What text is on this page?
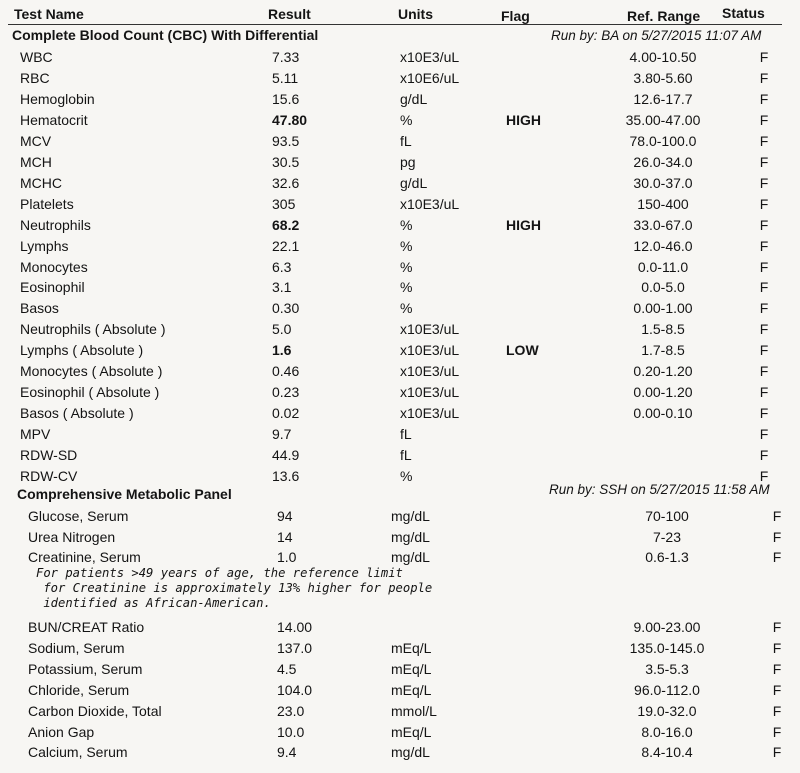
Test Name	Result	Units	Flag	Ref. Range Status
Complete Blood Count (CBC) With Differential	Run by: BA on 5/27/2015 11:07 AM
WBC	7.33	x10E3/uL	4.00-10.50	F
RBC	5.11	x10E6/uL	3.80-5.60	F
Hemoglobin	15.6	g/dL	12.6-17.7	F
Hematocrit	47.80	%	HIGH	35.00-47.00	F
MCV	93.5	fL	78.0-100.0	F
MCH	30.5	pg	26.0-34.0	F
MCHC	32.6	g/dL	30.0-37.0	F
Platelets	305	x10E3/uL	150-400	F
Neutrophils	68.2	%	HIGH	33.0-67.0	F
Lymphs	22.1	%	12.0-46.0	F
Monocytes	6.3	%	0.0-11.0	F
Eosinophil	3.1	%	0.0-5.0	F
Basos	0.30	%	0.00-1.00	F
Neutrophils ( Absolute )	5.0	x10E3/uL	1.5-8.5	F
Lymphs ( Absolute )	1.6	x10E3/uL	LOW	1.7-8.5	F
Monocytes ( Absolute )	0.46	x10E3/uL	0.20-1.20	F
Eosinophil ( Absolute )	0.23	x10E3/uL	0.00-1.20	F
Basos ( Absolute )	0.02	x10E3/uL	0.00-0.10	F
MPV	9.7	fL	F
RDW-SD	44.9	fL	F
RDW-CV	13.6	%	F
Comprehensive Metabolic Panel	Run by: SSH on 5/27/2015 11:58 AM
Glucose, Serum	94	mg/dL	70-100	F
Urea Nitrogen	14	mg/dL	7-23	F
Creatinine, Serum	1.0	mg/dL	0.6-1.3	F
BUN/CREAT Ratio	14.00	9.00-23.00	F
Sodium, Serum	137.0	mEq/L	135.0-145.0	F
Potassium, Serum	4.5	mEq/L	3.5-5.3	F
Chloride, Serum	104.0	mEq/L	96.0-112.0	F
Carbon Dioxide, Total	23.0	mmol/L	19.0-32.0	F
Anion Gap	10.0	mEq/L	8.0-16.0	F
Calcium, Serum	9.4	mg/dL	8.4-10.4	F
For patients >49 years of age, the reference limit
for Creatinine is approximately 13% higher for people
identified as African-American.
